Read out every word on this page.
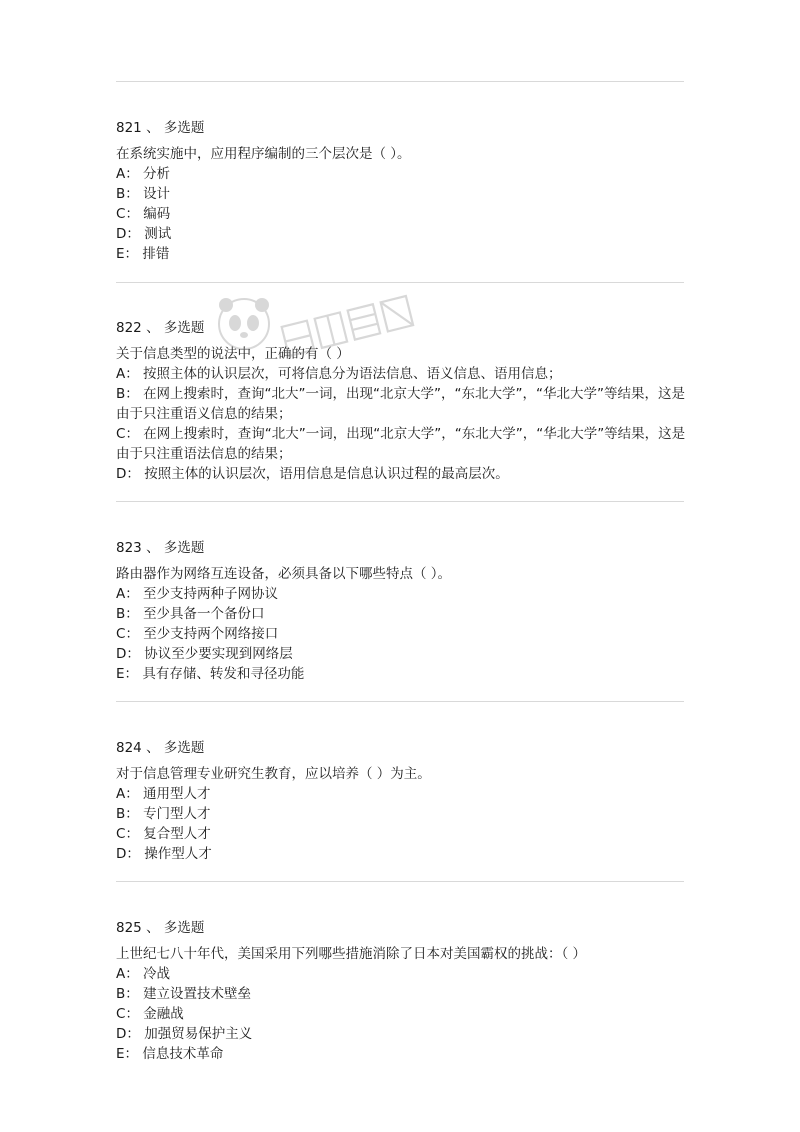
821 、 多选题
在系统实施中，应用程序编制的三个层次是（ ）。
A： 分析
B： 设计
C： 编码
D： 测试
E： 排错
822 、 多选题
关于信息类型的说法中，正确的有（ ）
A： 按照主体的认识层次，可将信息分为语法信息、语义信息、语用信息；
B： 在网上搜索时，查询“北大”一词，出现“北京大学”，“东北大学”，“华北大学”等结果，这是由于只注重语义信息的结果；
C： 在网上搜索时，查询“北大”一词，出现“北京大学”，“东北大学”，“华北大学”等结果，这是由于只注重语法信息的结果；
D： 按照主体的认识层次，语用信息是信息认识过程的最高层次。
823 、 多选题
路由器作为网络互连设备，必须具备以下哪些特点（ ）。
A： 至少支持两种子网协议
B： 至少具备一个备份口
C： 至少支持两个网络接口
D： 协议至少要实现到网络层
E： 具有存储、转发和寻径功能
824 、 多选题
对于信息管理专业研究生教育，应以培养（ ）为主。
A： 通用型人才
B： 专门型人才
C： 复合型人才
D： 操作型人才
825 、 多选题
上世纪七八十年代，美国采用下列哪些措施消除了日本对美国霸权的挑战：（ ）
A： 冷战
B： 建立设置技术壁垒
C： 金融战
D： 加强贸易保护主义
E： 信息技术革命
